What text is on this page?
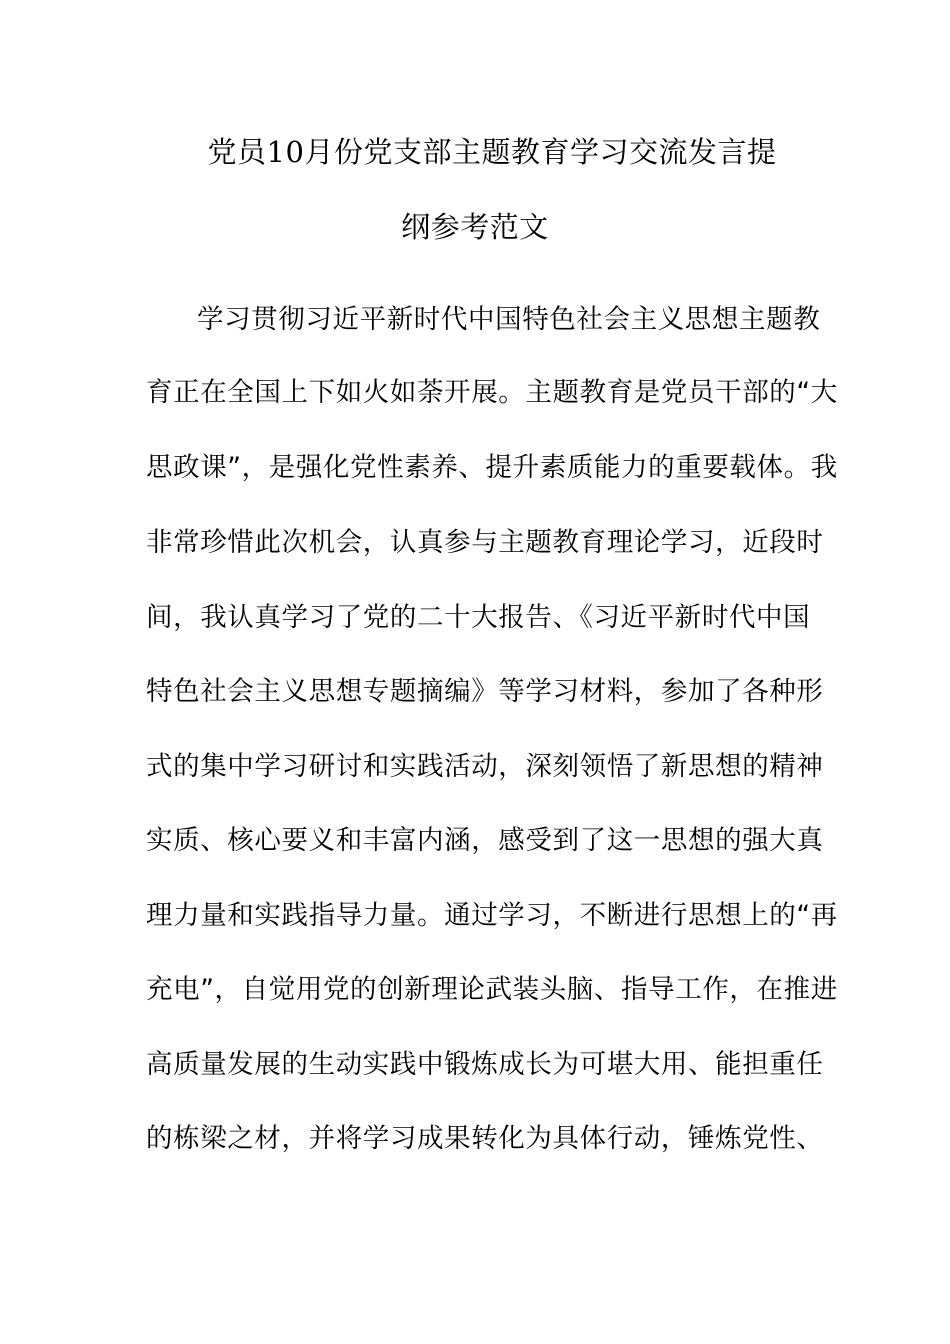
党员10月份党支部主题教育学习交流发言提
纲参考范文
学习贯彻习近平新时代中国特色社会主义思想主题教
育正在全国上下如火如荼开展。主题教育是党员干部的“大
思政课”，是强化党性素养、提升素质能力的重要载体。我
非常珍惜此次机会，认真参与主题教育理论学习，近段时
间，我认真学习了党的二十大报告、《习近平新时代中国
特色社会主义思想专题摘编》等学习材料，参加了各种形
式的集中学习研讨和实践活动，深刻领悟了新思想的精神
实质、核心要义和丰富内涵，感受到了这一思想的强大真
理力量和实践指导力量。通过学习，不断进行思想上的“再
充电”，自觉用党的创新理论武装头脑、指导工作，在推进
高质量发展的生动实践中锻炼成长为可堪大用、能担重任
的栋梁之材，并将学习成果转化为具体行动，锤炼党性、
